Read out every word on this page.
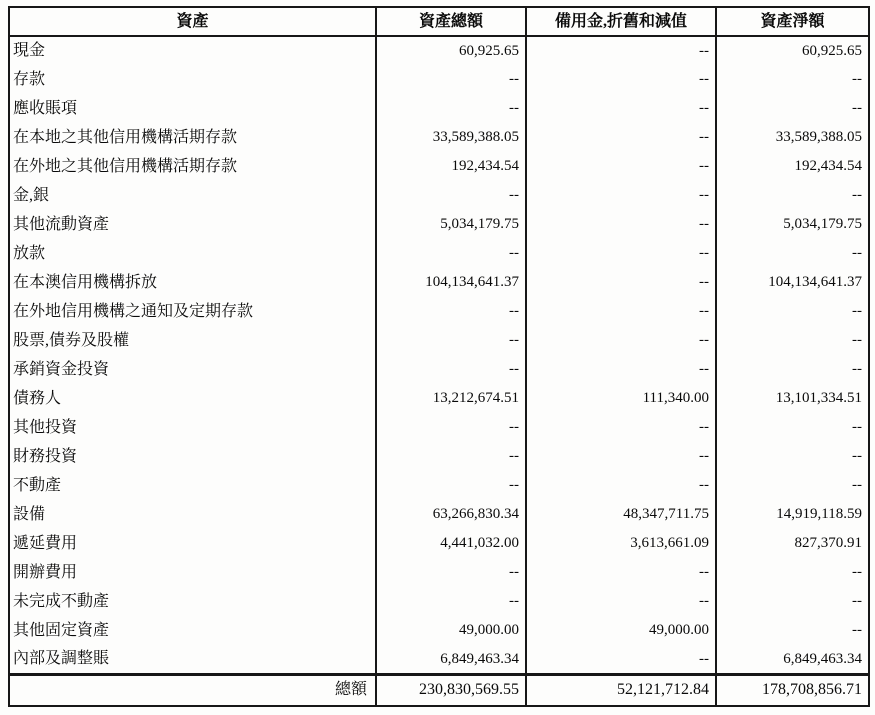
資產	資產總額	備用金,折舊和減值	資產淨額
現金	60,925.65	--	60,925.65
存款	--	--	--
應收賬項	--	--	--
在本地之其他信用機構活期存款	33,589,388.05	--	33,589,388.05
在外地之其他信用機構活期存款	192,434.54	--	192,434.54
金,銀	--	--	--
其他流動資產	5,034,179.75	--	5,034,179.75
放款	--	--	--
在本澳信用機構拆放	104,134,641.37	--	104,134,641.37
在外地信用機構之通知及定期存款	--	--	--
股票,債券及股權	--	--	--
承銷資金投資	--	--	--
債務人	13,212,674.51	111,340.00	13,101,334.51
其他投資	--	--	--
財務投資	--	--	--
不動產	--	--	--
設備	63,266,830.34	48,347,711.75	14,919,118.59
遞延費用	4,441,032.00	3,613,661.09	827,370.91
開辦費用	--	--	--
未完成不動產	--	--	--
其他固定資產	49,000.00	49,000.00	--
內部及調整賬	6,849,463.34	--	6,849,463.34
總額	230,830,569.55	52,121,712.84	178,708,856.71
